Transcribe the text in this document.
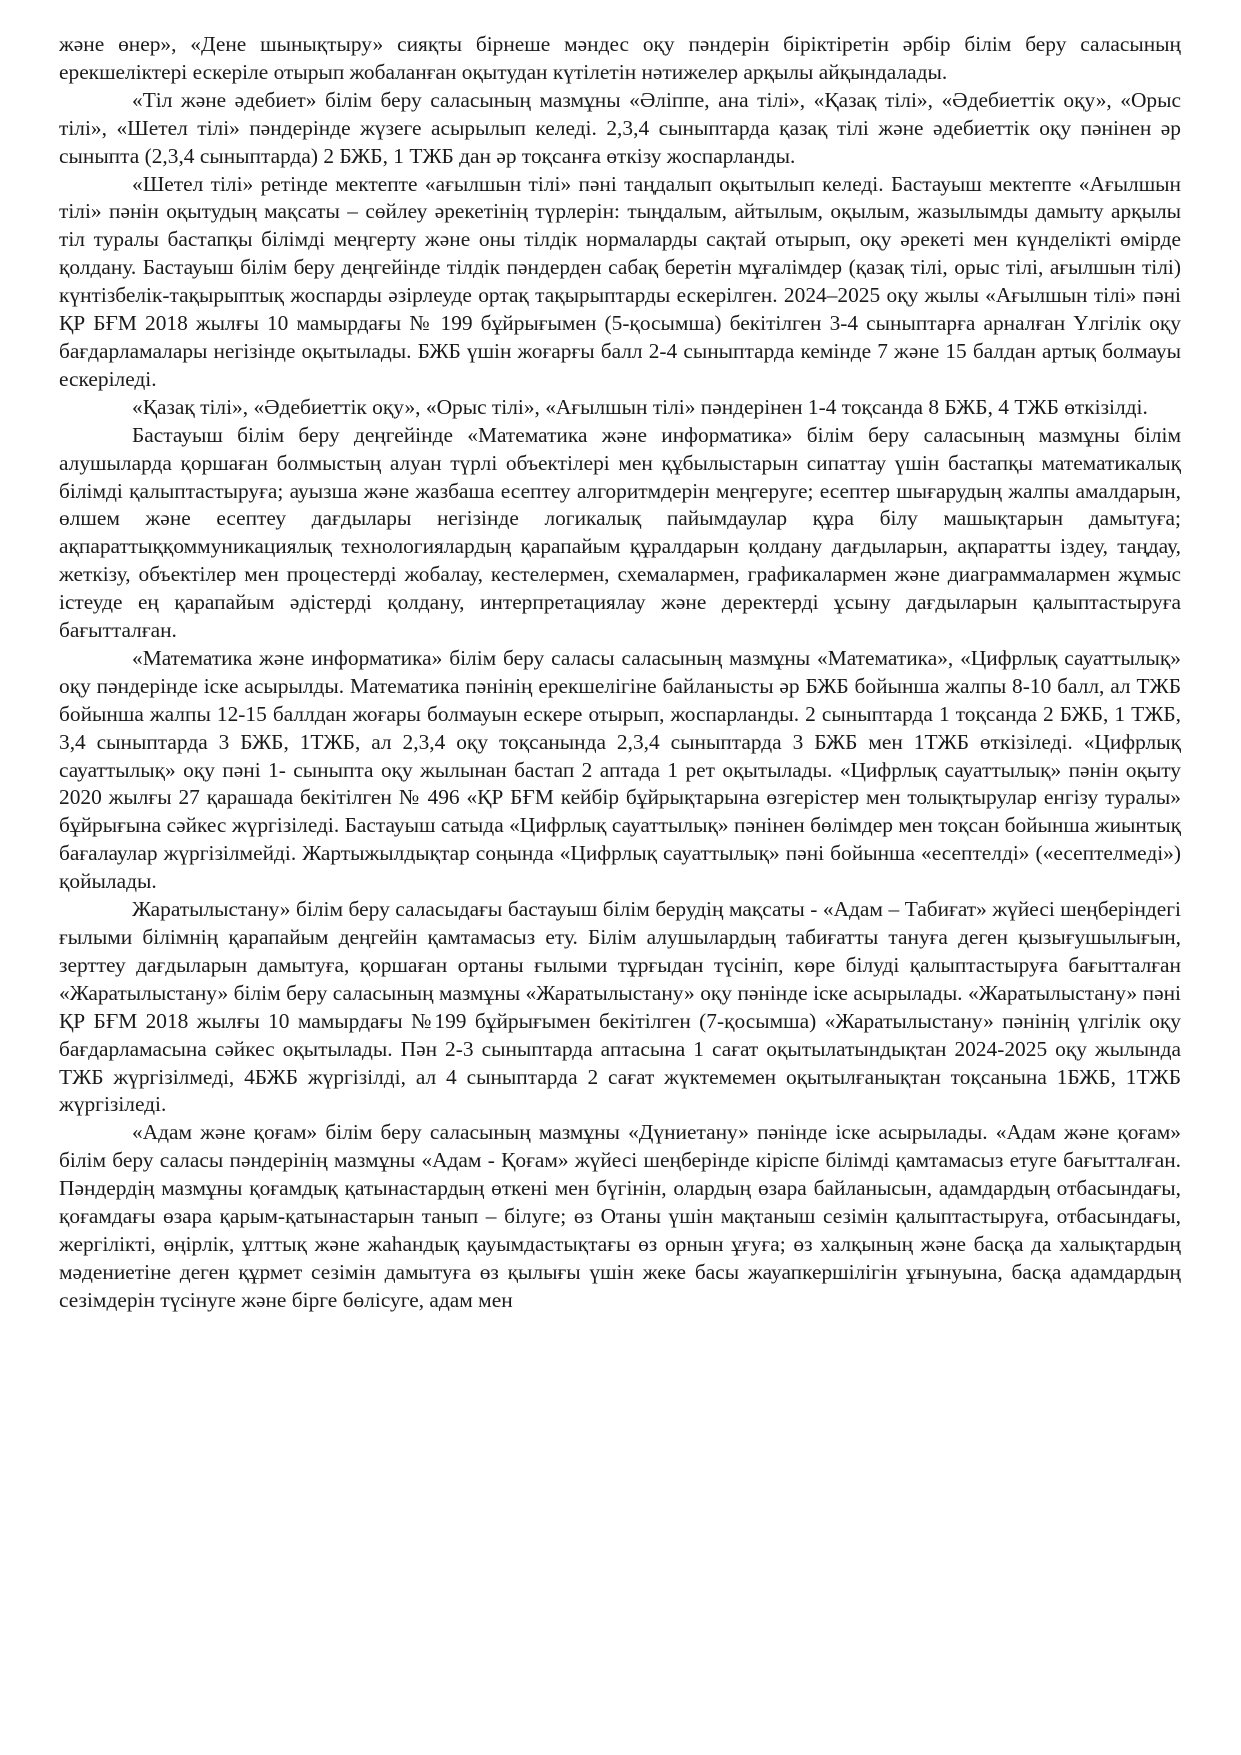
және өнер», «Дене шынықтыру» сияқты бірнеше мәндес оқу пәндерін біріктіретін әрбір білім беру саласының ерекшеліктері ескеріле отырып жобаланған оқытудан күтілетін нәтижелер арқылы айқындалады.

«Тіл және әдебиет» білім беру саласының мазмұны «Әліппе, ана тілі», «Қазақ тілі», «Әдебиеттік оқу», «Орыс тілі», «Шетел тілі» пәндерінде жүзеге асырылып келеді. 2,3,4 сыныптарда қазақ тілі және әдебиеттік оқу пәнінен әр сыныпта (2,3,4 сыныптарда) 2 БЖБ, 1 ТЖБ дан әр тоқсанға өткізу жоспарланды.

«Шетел тілі» ретінде мектепте «ағылшын тілі» пәні таңдалып оқытылып келеді. Бастауыш мектепте «Ағылшын тілі» пәнін оқытудың мақсаты – сөйлеу әрекетінің түрлерін: тыңдалым, айтылым, оқылым, жазылымды дамыту арқылы тіл туралы бастапқы білімді меңгерту және оны тілдік нормаларды сақтай отырып, оқу әрекеті мен күнделікті өмірде қолдану. Бастауыш білім беру деңгейінде тілдік пәндерден сабақ беретін мұғалімдер (қазақ тілі, орыс тілі, ағылшын тілі) күнтізбелік-тақырыптық жоспарды әзірлеуде ортақ тақырыптарды ескерілген. 2024–2025 оқу жылы «Ағылшын тілі» пәні ҚР БҒМ 2018 жылғы 10 мамырдағы № 199 бұйрығымен (5-қосымша) бекітілген 3-4 сыныптарға арналған Үлгілік оқу бағдарламалары негізінде оқытылады. БЖБ үшін жоғарғы балл 2-4 сыныптарда кемінде 7 және 15 балдан артық болмауы ескеріледі.

«Қазақ тілі», «Әдебиеттік оқу», «Орыс тілі», «Ағылшын тілі» пәндерінен 1-4 тоқсанда 8 БЖБ, 4 ТЖБ өткізілді.

Бастауыш білім беру деңгейінде «Математика және информатика» білім беру саласының мазмұны білім алушыларда қоршаған болмыстың алуан түрлі объектілері мен құбылыстарын сипаттау үшін бастапқы математикалық білімді қалыптастыруға; ауызша және жазбаша есептеу алгоритмдерін меңгеруге; есептер шығарудың жалпы амалдарын, өлшем және есептеу дағдылары негізінде логикалық пайымдаулар құра білу машықтарын дамытуға; ақпараттыққоммуникациялық технологиялардың қарапайым құралдарын қолдану дағдыларын, ақпаратты іздеу, таңдау, жеткізу, объектілер мен процестерді жобалау, кестелермен, схемалармен, графикалармен және диаграммалармен жұмыс істеуде ең қарапайым әдістерді қолдану, интерпретациялау және деректерді ұсыну дағдыларын қалыптастыруға бағытталған.

«Математика және информатика» білім беру саласы саласының мазмұны «Математика», «Цифрлық сауаттылық» оқу пәндерінде іске асырылды. Математика пәнінің ерекшелігіне байланысты әр БЖБ бойынша жалпы 8-10 балл, ал ТЖБ бойынша жалпы 12-15 баллдан жоғары болмауын ескере отырып, жоспарланды. 2 сыныптарда 1 тоқсанда 2 БЖБ, 1 ТЖБ, 3,4 сыныптарда 3 БЖБ, 1ТЖБ, ал 2,3,4 оқу тоқсанында 2,3,4 сыныптарда 3 БЖБ мен 1ТЖБ өткізіледі. «Цифрлық сауаттылық» оқу пәні 1- сыныпта оқу жылынан бастап 2 аптада 1 рет оқытылады. «Цифрлық сауаттылық» пәнін оқыту 2020 жылғы 27 қарашада бекітілген № 496 «ҚР БҒМ кейбір бұйрықтарына өзгерістер мен толықтырулар енгізу туралы» бұйрығына сәйкес жүргізіледі. Бастауыш сатыда «Цифрлық сауаттылық» пәнінен бөлімдер мен тоқсан бойынша жиынтық бағалаулар жүргізілмейді. Жартыжылдықтар соңында «Цифрлық сауаттылық» пәні бойынша «есептелді» («есептелмеді») қойылады.

Жаратылыстану» білім беру саласыдағы бастауыш білім берудің мақсаты - «Адам – Табиғат» жүйесі шеңберіндегі ғылыми білімнің қарапайым деңгейін қамтамасыз ету. Білім алушылардың табиғатты тануға деген қызығушылығын, зерттеу дағдыларын дамытуға, қоршаған ортаны ғылыми тұрғыдан түсініп, көре білуді қалыптастыруға бағытталған «Жаратылыстану» білім беру саласының мазмұны «Жаратылыстану» оқу пәнінде іске асырылады. «Жаратылыстану» пәні ҚР БҒМ 2018 жылғы 10 мамырдағы №199 бұйрығымен бекітілген (7-қосымша) «Жаратылыстану» пәнінің үлгілік оқу бағдарламасына сәйкес оқытылады. Пән 2-3 сыныптарда аптасына 1 сағат оқытылатындықтан 2024-2025 оқу жылында ТЖБ жүргізілмеді, 4БЖБ жүргізілді, ал 4 сыныптарда 2 сағат жүктемемен оқытылғанықтан тоқсанына 1БЖБ, 1ТЖБ жүргізіледі.

«Адам және қоғам» білім беру саласының мазмұны «Дүниетану» пәнінде іске асырылады. «Адам және қоғам» білім беру саласы пәндерінің мазмұны «Адам - Қоғам» жүйесі шеңберінде кіріспе білімді қамтамасыз етуге бағытталған. Пәндердің мазмұны қоғамдық қатынастардың өткені мен бүгінін, олардың өзара байланысын, адамдардың отбасындағы, қоғамдағы өзара қарым-қатынастарын танып – білуге; өз Отаны үшін мақтаныш сезімін қалыптастыруға, отбасындағы, жергілікті, өңірлік, ұлттық және жаһандық қауымдастықтағы өз орнын ұғуға; өз халқының және басқа да халықтардың мәдениетіне деген құрмет сезімін дамытуға өз қылығы үшін жеке басы жауапкершілігін ұғынуына, басқа адамдардың сезімдерін түсінуге және бірге бөлісуге, адам мен
